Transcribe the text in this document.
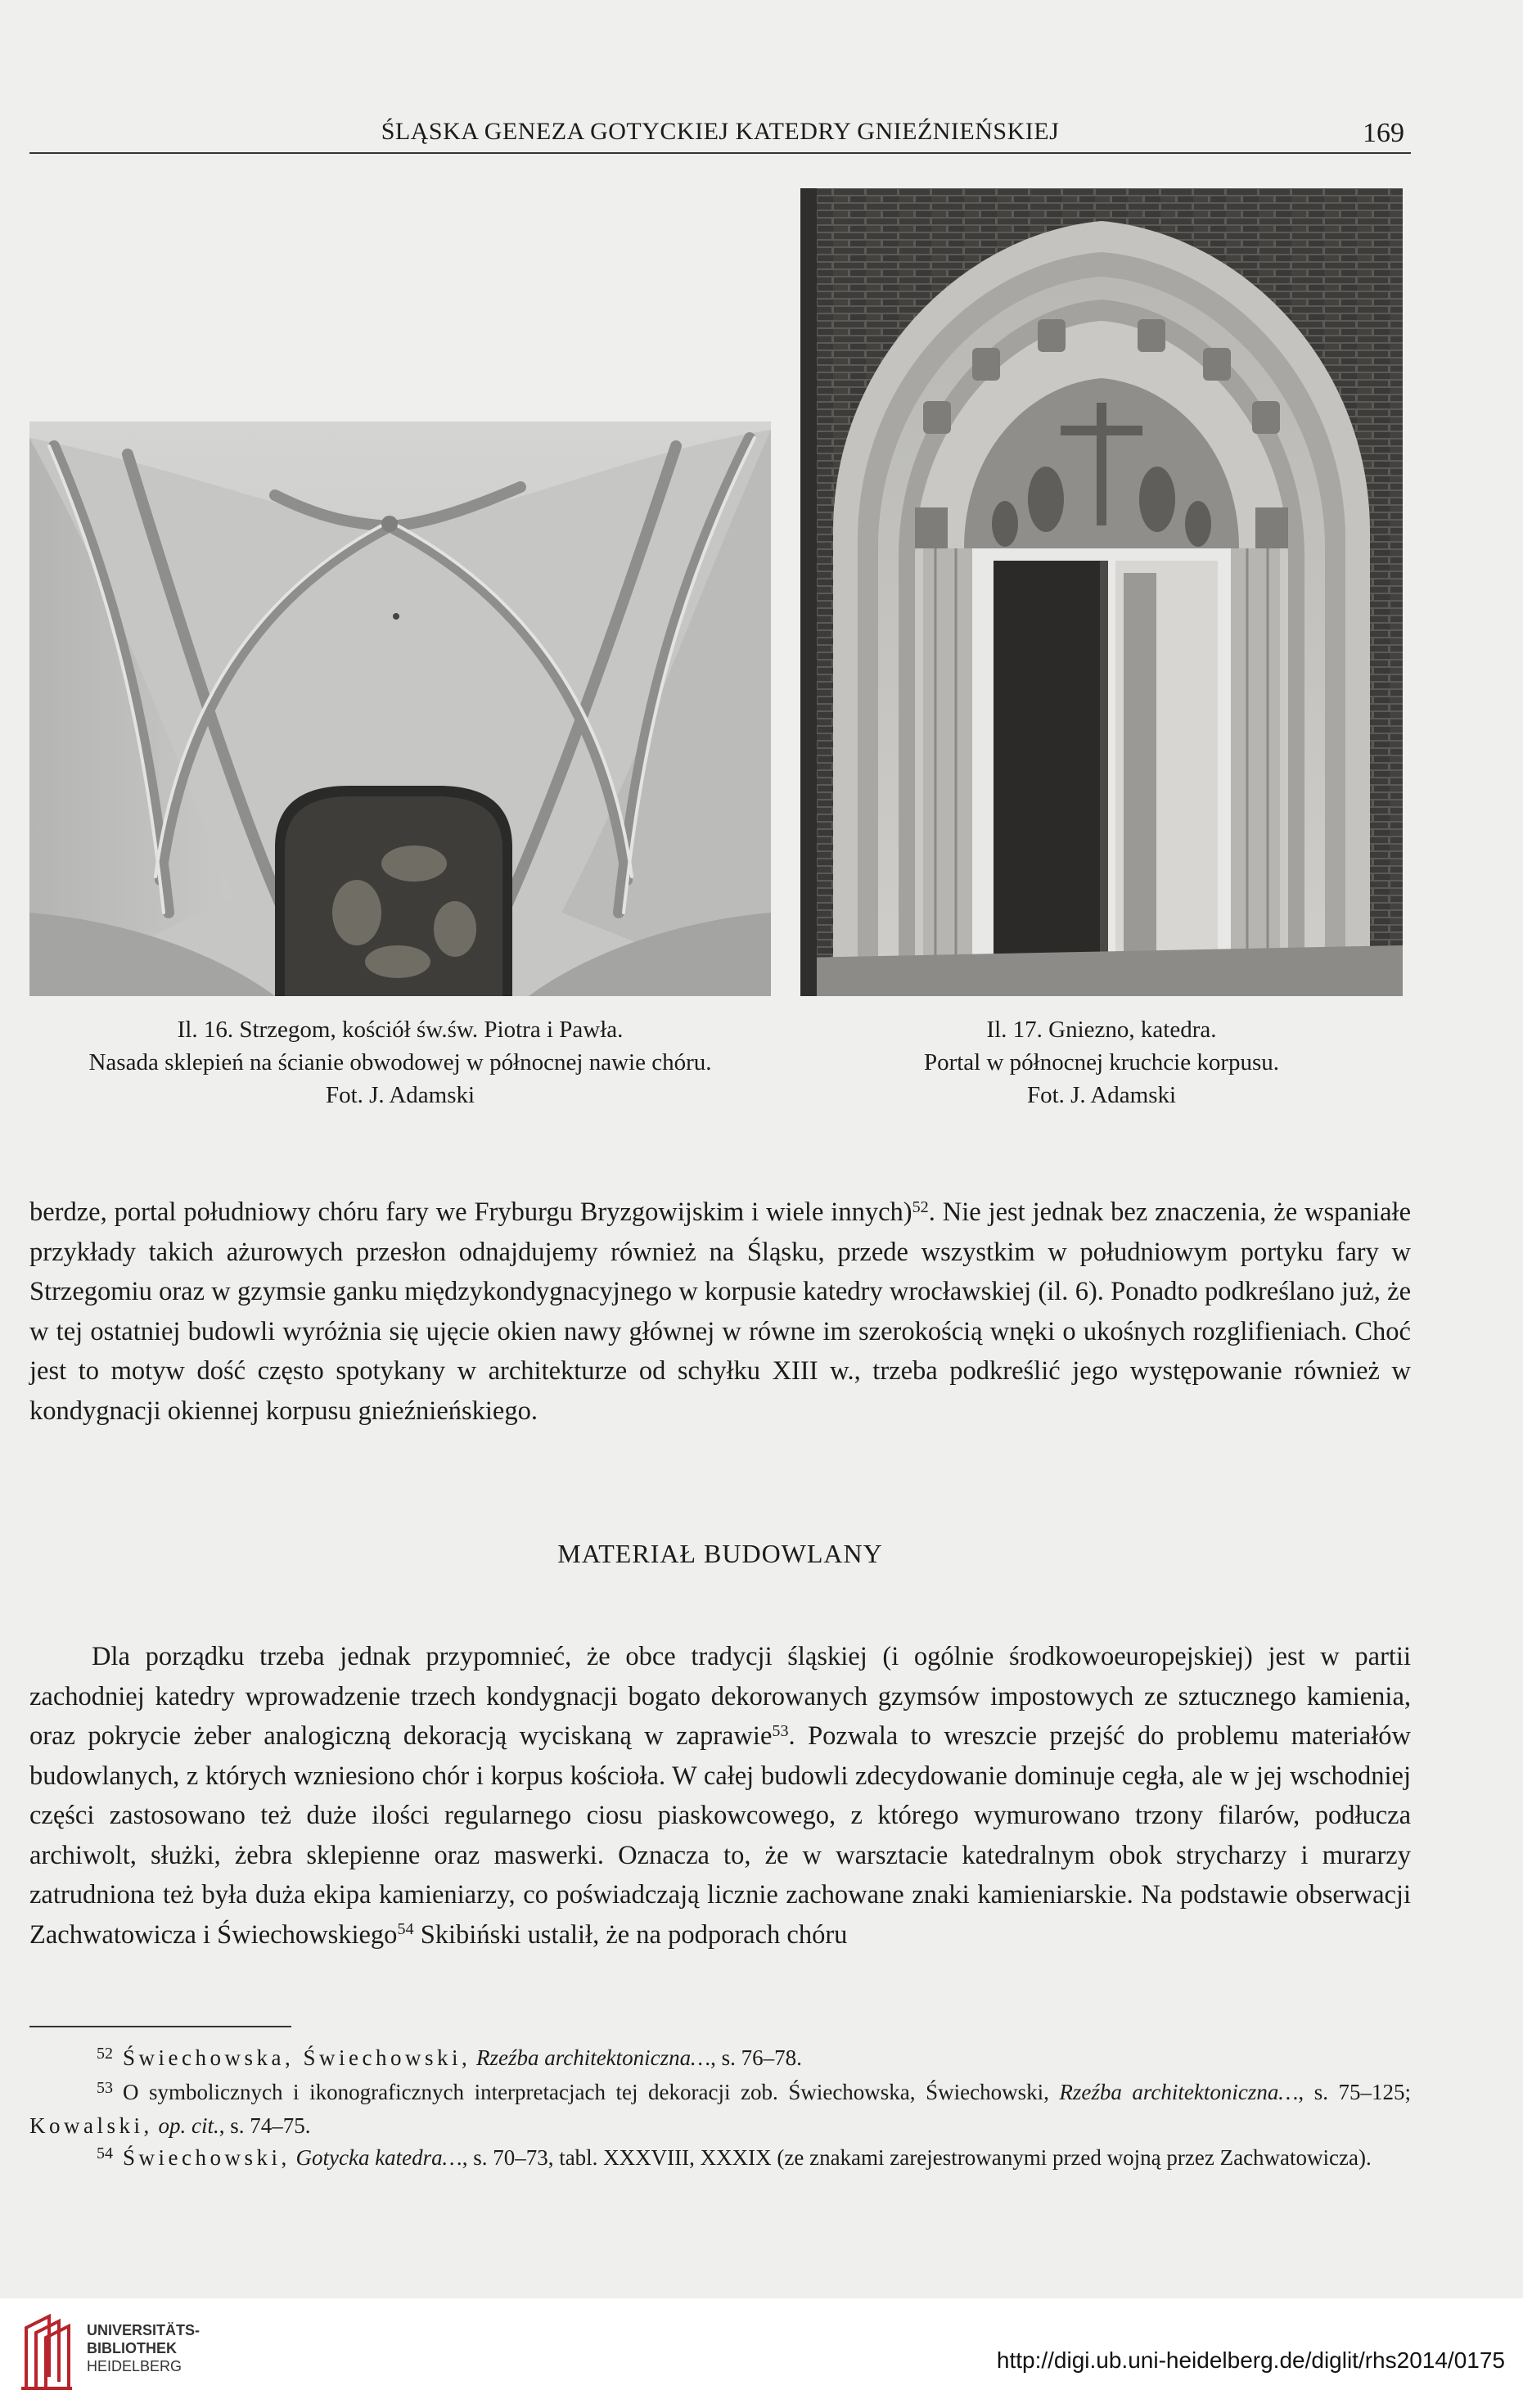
ŚLĄSKA GENEZA GOTYCKIEJ KATEDRY GNIEŹNIEŃSKIEJ	169
Il. 16. Strzegom, kościół św.św. Piotra i Pawła.
Nasada sklepień na ścianie obwodowej w północnej nawie chóru.
Fot. J. Adamski
Il. 17. Gniezno, katedra.
Portal w północnej kruchcie korpusu.
Fot. J. Adamski

berdze, portal południowy chóru fary we Fryburgu Bryzgowijskim i wiele innych)$^{52}$. Nie jest jednak bez znaczenia, że wspaniałe przykłady takich ażurowych przesłon odnajdujemy również na Śląsku, przede wszystkim w południowym portyku fary w Strzegomiu oraz w gzymsie ganku międzykondygnacyjnego w korpusie katedry wrocławskiej (il. 6). Ponadto podkreślano już, że w tej ostatniej budowli wyróżnia się ujęcie okien nawy głównej w równe im szerokością wnęki o ukośnych rozglifieniach. Choć jest to motyw dość często spotykany w architekturze od schyłku XIII w., trzeba podkreślić jego występowanie również w kondygnacji okiennej korpusu gnieźnieńskiego.

MATERIAŁ BUDOWLANY

Dla porządku trzeba jednak przypomnieć, że obce tradycji śląskiej (i ogólnie środkowoeuropejskiej) jest w partii zachodniej katedry wprowadzenie trzech kondygnacji bogato dekorowanych gzymsów impostowych ze sztucznego kamienia, oraz pokrycie żeber analogiczną dekoracją wyciskaną w zaprawie$^{53}$. Pozwala to wreszcie przejść do problemu materiałów budowlanych, z których wzniesiono chór i korpus kościoła. W całej budowli zdecydowanie dominuje cegła, ale w jej wschodniej części zastosowano też duże ilości regularnego ciosu piaskowcowego, z którego wymurowano trzony filarów, podłucza archiwolt, służki, żebra sklepienne oraz maswerki. Oznacza to, że w warsztacie katedralnym obok strycharzy i murarzy zatrudniona też była duża ekipa kamieniarzy, co poświadczają licznie zachowane znaki kamieniarskie. Na podstawie obserwacji Zachwatowicza i Świechowskiego$^{54}$ Skibiński ustalił, że na podporach chóru

$^{52}$ Świechowska, Świechowski, Rzeźba architektoniczna…, s. 76–78.

$^{53}$ O symbolicznych i ikonograficznych interpretacjach tej dekoracji zob. Świechowska, Świechowski, Rzeźba architektoniczna…, s. 75–125; Kowalski, op. cit., s. 74–75.

$^{54}$ Świechowski, Gotycka katedra…, s. 70–73, tabl. XXXVIII, XXXIX (ze znakami zarejestrowanymi przed wojną przez Zachwatowicza).

UNIVERSITÄTS-
BIBLIOTHEK
HEIDELBERG	http://digi.ub.uni-heidelberg.de/diglit/rhs2014/0175
